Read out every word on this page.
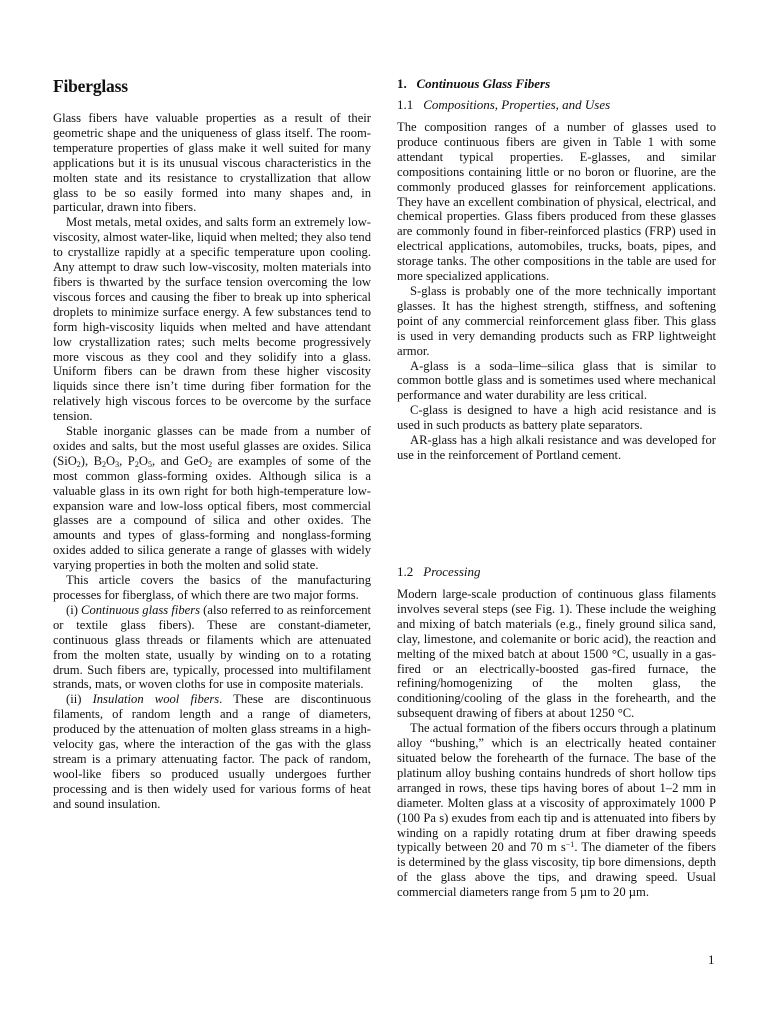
Fiberglass

Glass fibers have valuable properties as a result of their geometric shape and the uniqueness of glass itself. The room-temperature properties of glass make it well suited for many applications but it is its unusual viscous characteristics in the molten state and its resistance to crystallization that allow glass to be so easily formed into many shapes and, in particular, drawn into fibers.

Most metals, metal oxides, and salts form an extremely low-viscosity, almost water-like, liquid when melted; they also tend to crystallize rapidly at a specific temperature upon cooling. Any attempt to draw such low-viscosity, molten materials into fibers is thwarted by the surface tension overcoming the low viscous forces and causing the fiber to break up into spherical droplets to minimize surface energy. A few substances tend to form high-viscosity liquids when melted and have attendant low crystallization rates; such melts become progressively more viscous as they cool and they solidify into a glass. Uniform fibers can be drawn from these higher viscosity liquids since there isn’t time during fiber formation for the relatively high viscous forces to be overcome by the surface tension.

Stable inorganic glasses can be made from a number of oxides and salts, but the most useful glasses are oxides. Silica (SiO$_2$), $B_2O_3$, $P_2O_5$, and GeO$_2$ are examples of some of the most common glass-forming oxides. Although silica is a valuable glass in its own right for both high-temperature low-expansion ware and low-loss optical fibers, most commercial glasses are a compound of silica and other oxides. The amounts and types of glass-forming and nonglass-forming oxides added to silica generate a range of glasses with widely varying properties in both the molten and solid state.

This article covers the basics of the manufacturing processes for fiberglass, of which there are two major forms.

(i) Continuous glass fibers (also referred to as reinforcement or textile glass fibers). These are constant-diameter, continuous glass threads or filaments which are attenuated from the molten state, usually by winding on to a rotating drum. Such fibers are, typically, processed into multifilament strands, mats, or woven cloths for use in composite materials.

(ii) Insulation wool fibers. These are discontinuous filaments, of random length and a range of diameters, produced by the attenuation of molten glass streams in a high-velocity gas, where the interaction of the gas with the glass stream is a primary attenuating factor. The pack of random, wool-like fibers so produced usually undergoes further processing and is then widely used for various forms of heat and sound insulation.

1. Continuous Glass Fibers
1.1 Compositions, Properties, and Uses

The composition ranges of a number of glasses used to produce continuous fibers are given in Table 1 with some attendant typical properties. E-glasses, and similar compositions containing little or no boron or fluorine, are the commonly produced glasses for reinforcement applications. They have an excellent combination of physical, electrical, and chemical properties. Glass fibers produced from these glasses are commonly found in fiber-reinforced plastics (FRP) used in electrical applications, automobiles, trucks, boats, pipes, and storage tanks. The other compositions in the table are used for more specialized applications.

S-glass is probably one of the more technically important glasses. It has the highest strength, stiffness, and softening point of any commercial reinforcement glass fiber. This glass is used in very demanding products such as FRP lightweight armor.

A-glass is a soda–lime–silica glass that is similar to common bottle glass and is sometimes used where mechanical performance and water durability are less critical.

C-glass is designed to have a high acid resistance and is used in such products as battery plate separators.

AR-glass has a high alkali resistance and was developed for use in the reinforcement of Portland cement.

1.2 Processing

Modern large-scale production of continuous glass filaments involves several steps (see Fig. 1). These include the weighing and mixing of batch materials (e.g., finely ground silica sand, clay, limestone, and colemanite or boric acid), the reaction and melting of the mixed batch at about 1500 °C, usually in a gas-fired or an electrically-boosted gas-fired furnace, the refining/homogenizing of the molten glass, the conditioning/cooling of the glass in the forehearth, and the subsequent drawing of fibers at about 1250 °C.

The actual formation of the fibers occurs through a platinum alloy “bushing,” which is an electrically heated container situated below the forehearth of the furnace. The base of the platinum alloy bushing contains hundreds of short hollow tips arranged in rows, these tips having bores of about 1–2 mm in diameter. Molten glass at a viscosity of approximately 1000 P (100 Pa s) exudes from each tip and is attenuated into fibers by winding on a rapidly rotating drum at fiber drawing speeds typically between 20 and 70 m $s^{-1}$. The diameter of the fibers is determined by the glass viscosity, tip bore dimensions, depth of the glass above the tips, and drawing speed. Usual commercial diameters range from 5 µm to 20 µm.

1
